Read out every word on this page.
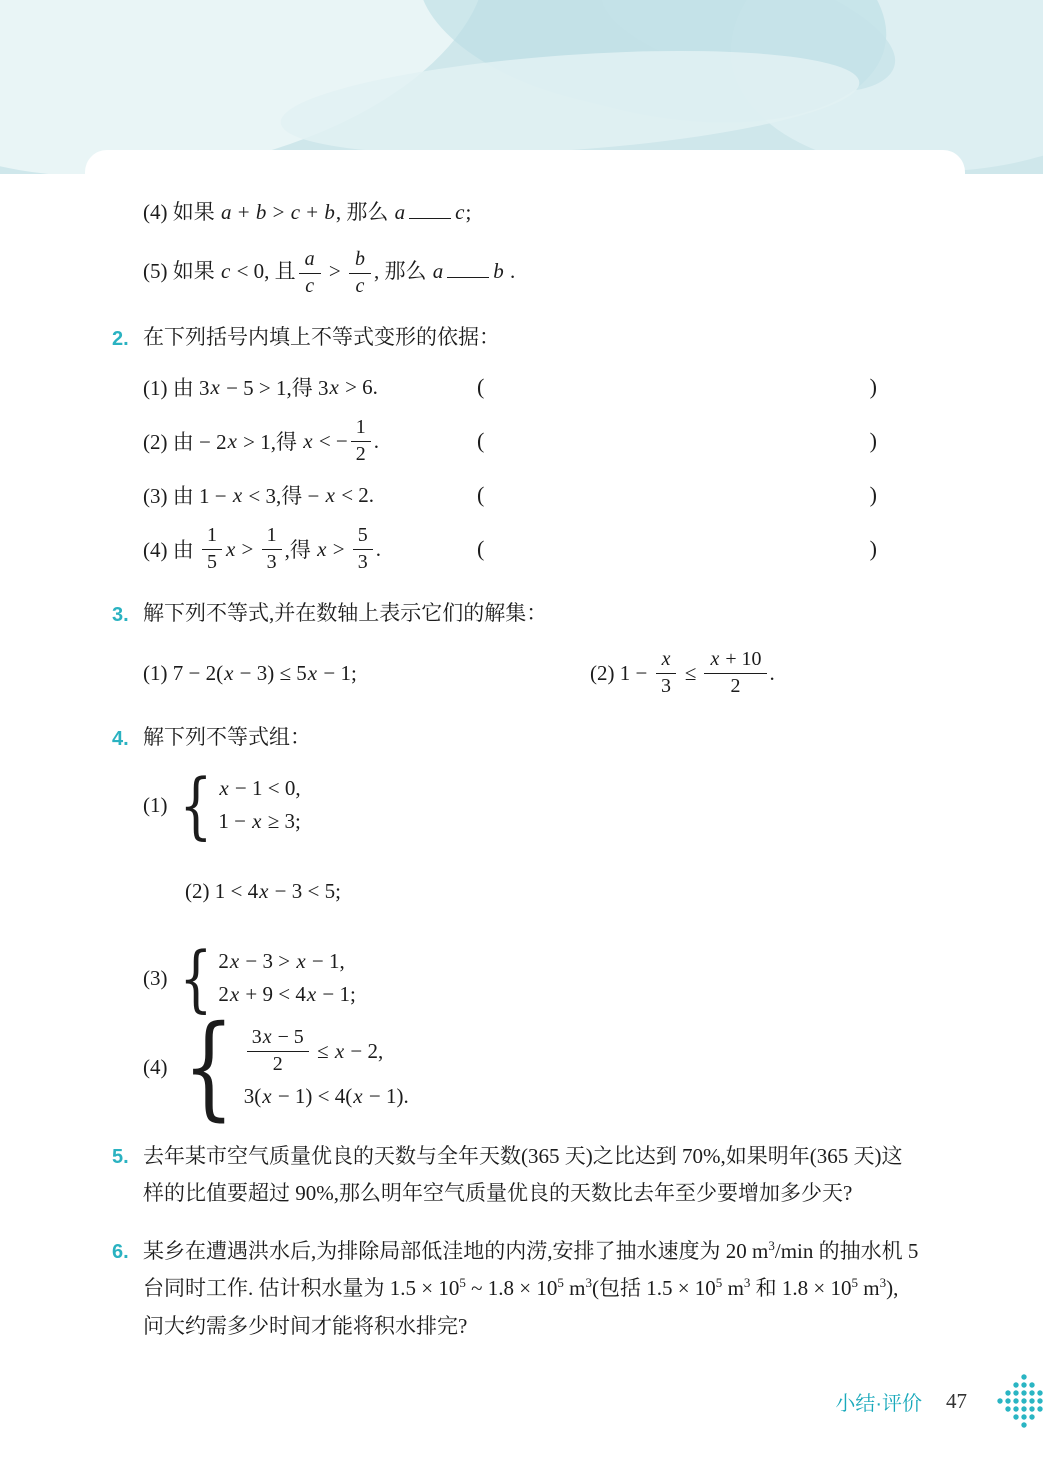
(4) 如果 a + b > c + b, 那么 a c;
(5) 如果 c < 0, 且 $\frac{a}{c} > \frac{b}{c}$ , 那么 a b .
2. 在下列括号内填上不等式变形的依据：
(1) 由 3 x − 5 > 1,得 3 x > 6.	(	)
(2) 由 − 2 x > 1,得 x < − $\frac{1}{2}$ .	(	)
(3) 由 1 − x < 3,得 − x < 2.	(	)
(4) 由 $\frac{1}{5}$ $x > \frac{1}{3}$ ,得 $x > \frac{5}{3}$ .	(	)
3. 解下列不等式,并在数轴上表示它们的解集：
(1) 7 − 2( x − 3) ≤ 5 x − 1;	(2) $1 - \frac{x}{3} \le \frac{x + 10}{2}$ .
4. 解下列不等式组：
(1) { x − 1 < 0,
1 − x ≥ 3;

(2) 1 < 4x − 3 < 5;

(3) { 2 x − 3 > x − 1,
2 x + 9 < 4 x − 1;
(4) { $\frac{3x - 5}{2} \le x - 2$,
3( x − 1) < 4( x − 1).
5. 去年某市空气质量优良的天数与全年天数(365 天)之比达到 70%,如果明年(365 天)这样的比值要超过 90%,那么明年空气质量优良的天数比去年至少要增加多少天?
6. 某乡在遭遇洪水后,为排除局部低洼地的内涝,安排了抽水速度为 20 $m^3/\min$ 的抽水机 5 台同时工作. 估计积水量为 $1.5 \times 10^5$ ~ $1.8 \times 10^5$ $m^3$(包括 $1.5 \times 10^5$ $m^3$ 和 $1.8 \times 10^5$ $m^3$), 问大约需多少时间才能将积水排完?
小结·评价 47
